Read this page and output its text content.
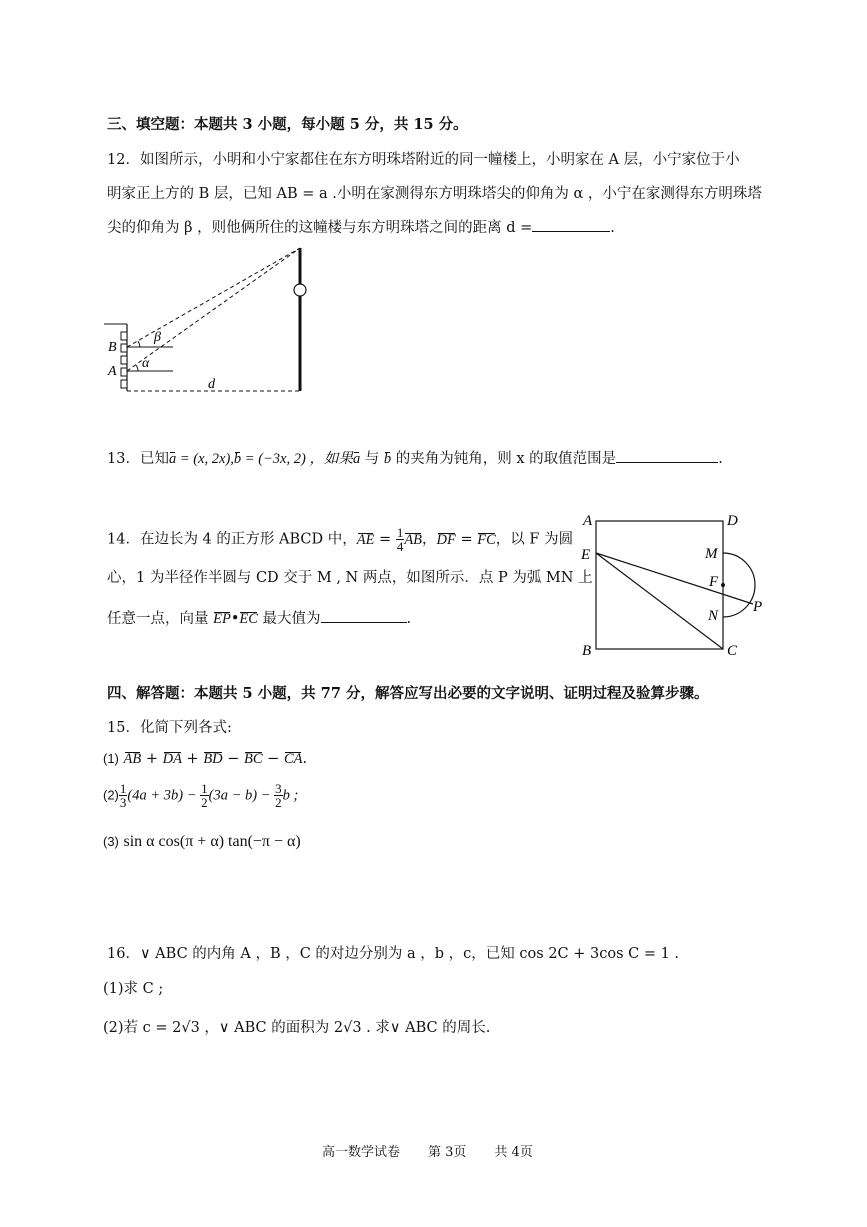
三、填空题：本题共 3 小题，每小题 5 分，共 15 分。
12．如图所示，小明和小宁家都住在东方明珠塔附近的同一幢楼上，小明家在 A 层，小宁家位于小
明家正上方的 B 层，已知 AB = a .小明在家测得东方明珠塔尖的仰角为 α ，小宁在家测得东方明珠塔
尖的仰角为 β ，则他俩所住的这幢楼与东方明珠塔之间的距离 d =	.
B
A
β
α
d
13．已知a = (x, 2x),b = (−3x, 2) ，如果a 与 b 的夹角为钝角，则 x 的取值范围是	.
14．在边长为 4 的正方形 ABCD 中，AE = $\frac{1}{4}$ AB，DF = FC，以 F 为圆
心，1 为半径作半圆与 CD 交于 M , N 两点，如图所示．点 P 为弧 MN 上
任意一点，向量 EP•EC 最大值为	.
A	D
E	M
F
P
N
B	C
四、解答题：本题共 5 小题，共 77 分，解答应写出必要的文字说明、证明过程及验算步骤。
15．化简下列各式:
(1) AB + DA + BD − BC − CA.
$(2) \frac{1}{3} (4a + 3b) - \frac{1}{2} (3a - b) - \frac{3}{2}$ b ;
(3) sin α cos(π + α) tan(−π − α)
16．∨ ABC 的内角 A ，B ，C 的对边分别为 a ，b ，c，已知 cos 2C + 3cos C = 1 .
(1)求 C ;
(2)若 c = 2√3 ，∨ ABC 的面积为 2√3 . 求∨ ABC 的周长.
高一数学试卷 第 3页 共 4页
